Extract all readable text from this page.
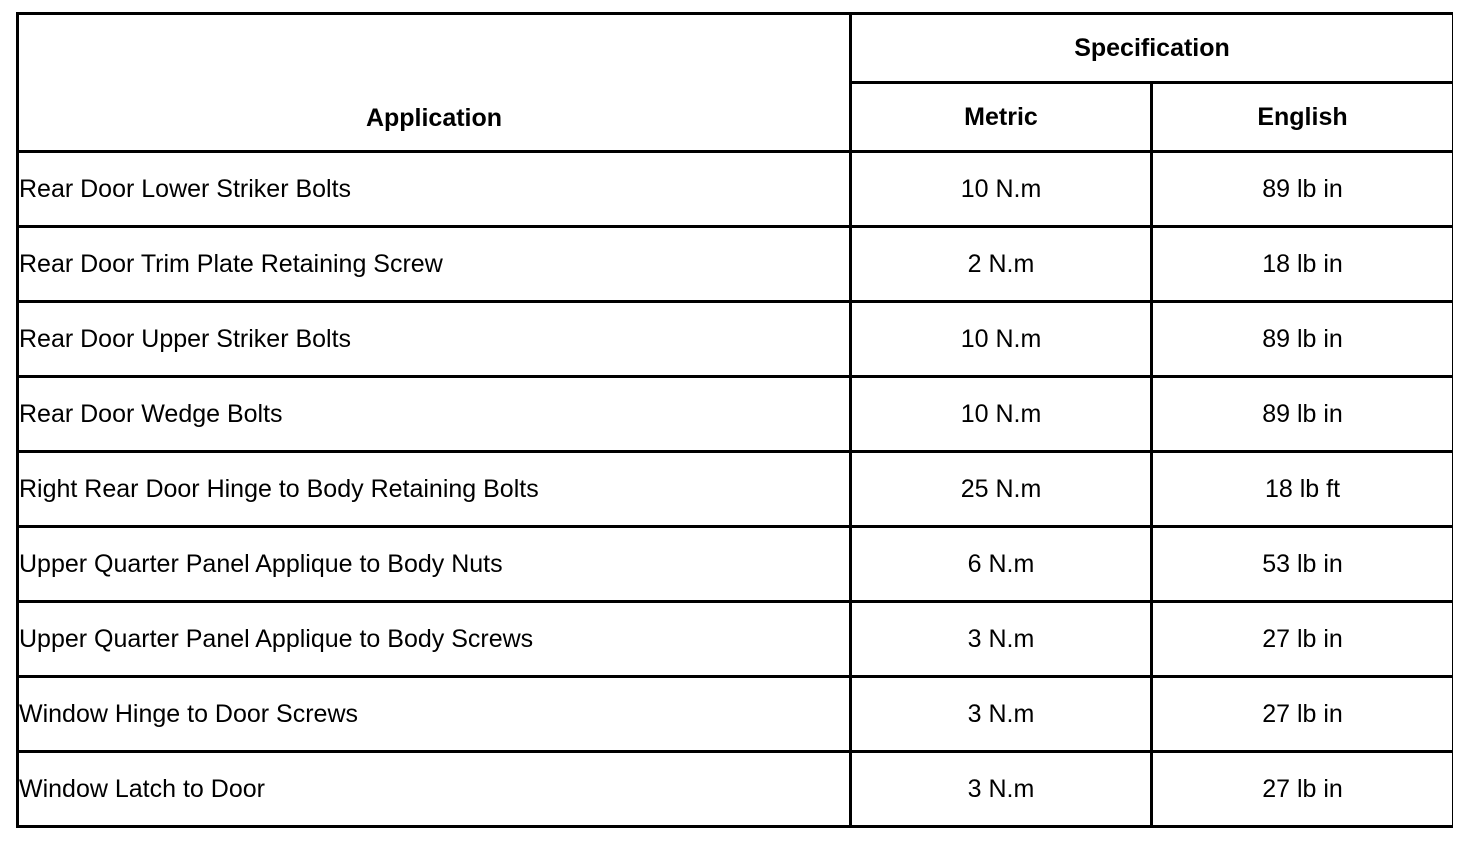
Application	Specification	
	Metric	English
Rear Door Lower Striker Bolts	10 N.m	89 lb in
Rear Door Trim Plate Retaining Screw	2 N.m	18 lb in
Rear Door Upper Striker Bolts	10 N.m	89 lb in
Rear Door Wedge Bolts	10 N.m	89 lb in
Right Rear Door Hinge to Body Retaining Bolts	25 N.m	18 lb ft
Upper Quarter Panel Applique to Body Nuts	6 N.m	53 lb in
Upper Quarter Panel Applique to Body Screws	3 N.m	27 lb in
Window Hinge to Door Screws	3 N.m	27 lb in
Window Latch to Door	3 N.m	27 lb in
